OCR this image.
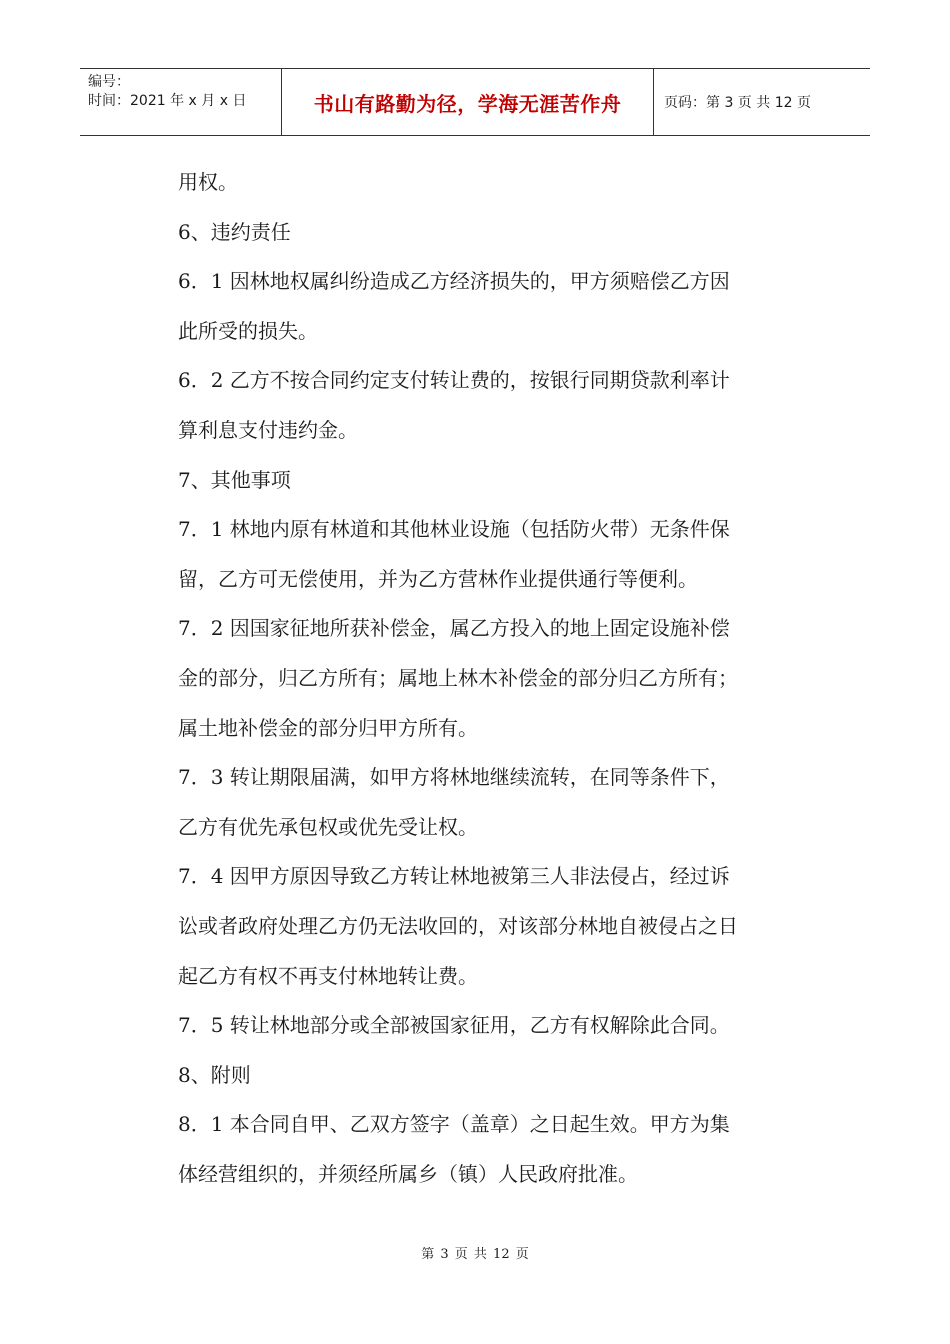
编号：
时间：2021 年 x 月 x 日	书山有路勤为径，学海无涯苦作舟	页码：第 3 页 共 12 页

用权。

6、违约责任

6．1 因林地权属纠纷造成乙方经济损失的，甲方须赔偿乙方因

此所受的损失。

6．2 乙方不按合同约定支付转让费的，按银行同期贷款利率计

算利息支付违约金。

7、其他事项

7．1 林地内原有林道和其他林业设施（包括防火带）无条件保

留，乙方可无偿使用，并为乙方营林作业提供通行等便利。

7．2 因国家征地所获补偿金，属乙方投入的地上固定设施补偿

金的部分，归乙方所有；属地上林木补偿金的部分归乙方所有；

属土地补偿金的部分归甲方所有。

7．3 转让期限届满，如甲方将林地继续流转，在同等条件下，

乙方有优先承包权或优先受让权。

7．4 因甲方原因导致乙方转让林地被第三人非法侵占，经过诉

讼或者政府处理乙方仍无法收回的，对该部分林地自被侵占之日

起乙方有权不再支付林地转让费。

7．5 转让林地部分或全部被国家征用，乙方有权解除此合同。

8、附则

8．1 本合同自甲、乙双方签字（盖章）之日起生效。甲方为集

体经营组织的，并须经所属乡（镇）人民政府批准。

第 3 页 共 12 页
